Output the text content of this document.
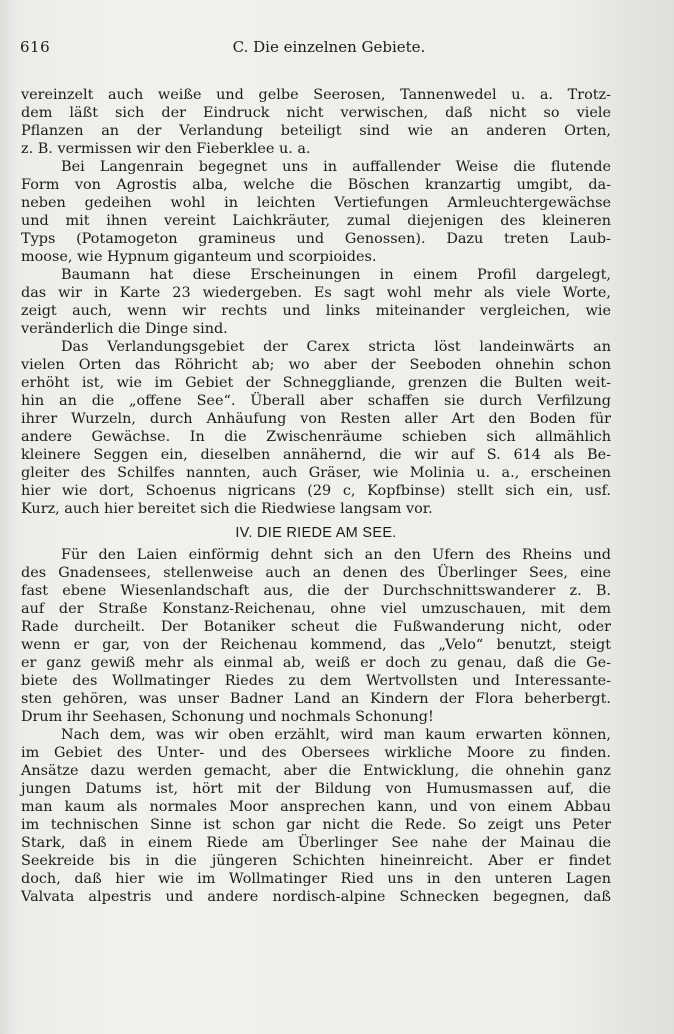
616	C. Die einzelnen Gebiete.
vereinzelt auch weiße und gelbe Seerosen, Tannenwedel u. a. Trotz-
dem läßt sich der Eindruck nicht verwischen, daß nicht so viele
Pflanzen an der Verlandung beteiligt sind wie an anderen Orten,
z. B. vermissen wir den Fieberklee u. a.
Bei Langenrain begegnet uns in auffallender Weise die flutende
Form von Agrostis alba, welche die Böschen kranzartig umgibt, da-
neben gedeihen wohl in leichten Vertiefungen Armleuchtergewächse
und mit ihnen vereint Laichkräuter, zumal diejenigen des kleineren
Typs (Potamogeton gramineus und Genossen). Dazu treten Laub-
moose, wie Hypnum giganteum und scorpioides.
Baumann hat diese Erscheinungen in einem Profil dargelegt,
das wir in Karte 23 wiedergeben. Es sagt wohl mehr als viele Worte,
zeigt auch, wenn wir rechts und links miteinander vergleichen, wie
veränderlich die Dinge sind.
Das Verlandungsgebiet der Carex stricta löst landeinwärts an
vielen Orten das Röhricht ab; wo aber der Seeboden ohnehin schon
erhöht ist, wie im Gebiet der Schneggliande, grenzen die Bulten weit-
hin an die „offene See“. Überall aber schaffen sie durch Verfilzung
ihrer Wurzeln, durch Anhäufung von Resten aller Art den Boden für
andere Gewächse. In die Zwischenräume schieben sich allmählich
kleinere Seggen ein, dieselben annähernd, die wir auf S. 614 als Be-
gleiter des Schilfes nannten, auch Gräser, wie Molinia u. a., erscheinen
hier wie dort, Schoenus nigricans (29 c, Kopfbinse) stellt sich ein, usf.
Kurz, auch hier bereitet sich die Riedwiese langsam vor.
IV. DIE RIEDE AM SEE.
Für den Laien einförmig dehnt sich an den Ufern des Rheins und
des Gnadensees, stellenweise auch an denen des Überlinger Sees, eine
fast ebene Wiesenlandschaft aus, die der Durchschnittswanderer z. B.
auf der Straße Konstanz-Reichenau, ohne viel umzuschauen, mit dem
Rade durcheilt. Der Botaniker scheut die Fußwanderung nicht, oder
wenn er gar, von der Reichenau kommend, das „Velo“ benutzt, steigt
er ganz gewiß mehr als einmal ab, weiß er doch zu genau, daß die Ge-
biete des Wollmatinger Riedes zu dem Wertvollsten und Interessante-
sten gehören, was unser Badner Land an Kindern der Flora beherbergt.
Drum ihr Seehasen, Schonung und nochmals Schonung!
Nach dem, was wir oben erzählt, wird man kaum erwarten können,
im Gebiet des Unter- und des Obersees wirkliche Moore zu finden.
Ansätze dazu werden gemacht, aber die Entwicklung, die ohnehin ganz
jungen Datums ist, hört mit der Bildung von Humusmassen auf, die
man kaum als normales Moor ansprechen kann, und von einem Abbau
im technischen Sinne ist schon gar nicht die Rede. So zeigt uns Peter
Stark, daß in einem Riede am Überlinger See nahe der Mainau die
Seekreide bis in die jüngeren Schichten hineinreicht. Aber er findet
doch, daß hier wie im Wollmatinger Ried uns in den unteren Lagen
Valvata alpestris und andere nordisch-alpine Schnecken begegnen, daß
